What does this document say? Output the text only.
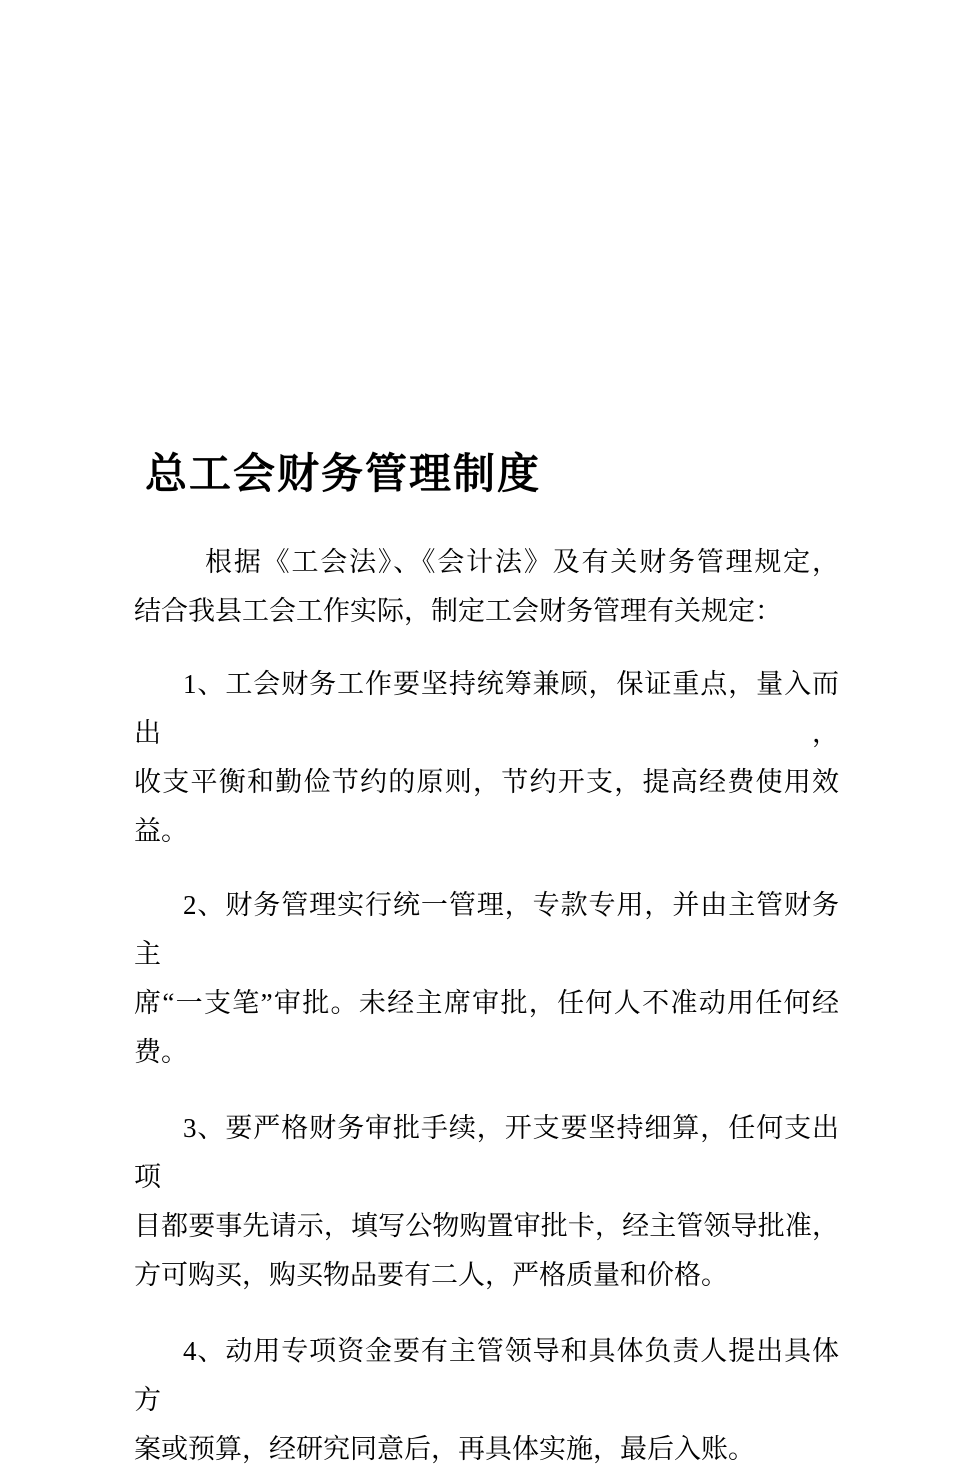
总工会财务管理制度
根据《工会法》、《会计法》及有关财务管理规定，
结合我县工会工作实际，制定工会财务管理有关规定：
1、工会财务工作要坚持统筹兼顾，保证重点，量入而出，
收支平衡和勤俭节约的原则，节约开支，提高经费使用效益。
2、财务管理实行统一管理，专款专用，并由主管财务主
席“一支笔”审批。未经主席审批，任何人不准动用任何经
费。
3、要严格财务审批手续，开支要坚持细算，任何支出项
目都要事先请示，填写公物购置审批卡，经主管领导批准，
方可购买，购买物品要有二人，严格质量和价格。
4、动用专项资金要有主管领导和具体负责人提出具体方
案或预算，经研究同意后，再具体实施，最后入账。
